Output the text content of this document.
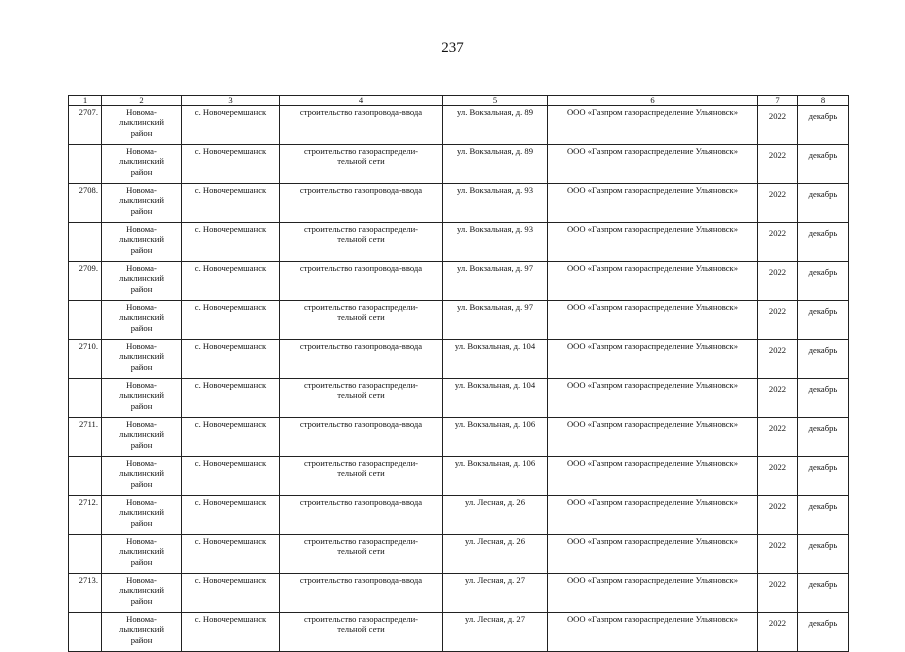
237
1	2	3	4	5	6	7	8
2707.	Новома-
лыклинский
район	с. Новочеремшанск	строительство газопровода-ввода	ул. Вокзальная, д. 89	ООО «Газпром газораспределение Ульяновск»	2022	декабрь
	Новома-
лыклинский
район	с. Новочеремшанск	строительство газораспредели-
тельной сети	ул. Вокзальная, д. 89	ООО «Газпром газораспределение Ульяновск»	2022	декабрь
2708.	Новома-
лыклинский
район	с. Новочеремшанск	строительство газопровода-ввода	ул. Вокзальная, д. 93	ООО «Газпром газораспределение Ульяновск»	2022	декабрь
	Новома-
лыклинский
район	с. Новочеремшанск	строительство газораспредели-
тельной сети	ул. Вокзальная, д. 93	ООО «Газпром газораспределение Ульяновск»	2022	декабрь
2709.	Новома-
лыклинский
район	с. Новочеремшанск	строительство газопровода-ввода	ул. Вокзальная, д. 97	ООО «Газпром газораспределение Ульяновск»	2022	декабрь
	Новома-
лыклинский
район	с. Новочеремшанск	строительство газораспредели-
тельной сети	ул. Вокзальная, д. 97	ООО «Газпром газораспределение Ульяновск»	2022	декабрь
2710.	Новома-
лыклинский
район	с. Новочеремшанск	строительство газопровода-ввода	ул. Вокзальная, д. 104	ООО «Газпром газораспределение Ульяновск»	2022	декабрь
	Новома-
лыклинский
район	с. Новочеремшанск	строительство газораспредели-
тельной сети	ул. Вокзальная, д. 104	ООО «Газпром газораспределение Ульяновск»	2022	декабрь
2711.	Новома-
лыклинский
район	с. Новочеремшанск	строительство газопровода-ввода	ул. Вокзальная, д. 106	ООО «Газпром газораспределение Ульяновск»	2022	декабрь
	Новома-
лыклинский
район	с. Новочеремшанск	строительство газораспредели-
тельной сети	ул. Вокзальная, д. 106	ООО «Газпром газораспределение Ульяновск»	2022	декабрь
2712.	Новома-
лыклинский
район	с. Новочеремшанск	строительство газопровода-ввода	ул. Лесная, д. 26	ООО «Газпром газораспределение Ульяновск»	2022	декабрь
	Новома-
лыклинский
район	с. Новочеремшанск	строительство газораспредели-
тельной сети	ул. Лесная, д. 26	ООО «Газпром газораспределение Ульяновск»	2022	декабрь
2713.	Новома-
лыклинский
район	с. Новочеремшанск	строительство газопровода-ввода	ул. Лесная, д. 27	ООО «Газпром газораспределение Ульяновск»	2022	декабрь
	Новома-
лыклинский
район	с. Новочеремшанск	строительство газораспредели-
тельной сети	ул. Лесная, д. 27	ООО «Газпром газораспределение Ульяновск»	2022	декабрь
